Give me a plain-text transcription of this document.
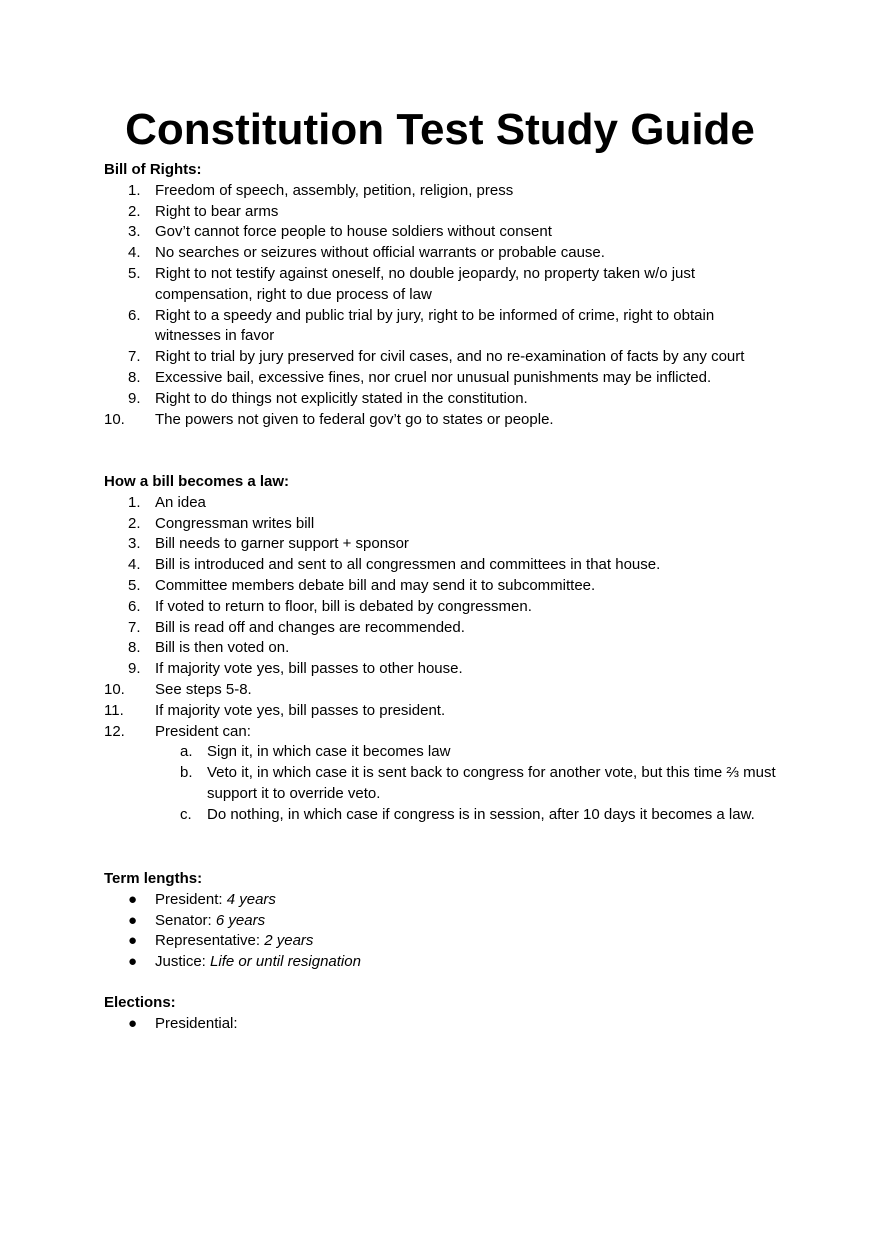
Constitution Test Study Guide
Bill of Rights:
1. Freedom of speech, assembly, petition, religion, press
2. Right to bear arms
3. Gov’t cannot force people to house soldiers without consent
4. No searches or seizures without official warrants or probable cause.
5. Right to not testify against oneself, no double jeopardy, no property taken w/o just compensation, right to due process of law
6. Right to a speedy and public trial by jury, right to be informed of crime, right to obtain witnesses in favor
7. Right to trial by jury preserved for civil cases, and no re-examination of facts by any court
8. Excessive bail, excessive fines, nor cruel nor unusual punishments may be inflicted.
9. Right to do things not explicitly stated in the constitution.
10.	The powers not given to federal gov’t go to states or people.
How a bill becomes a law:
1. An idea
2. Congressman writes bill
3. Bill needs to garner support + sponsor
4. Bill is introduced and sent to all congressmen and committees in that house.
5. Committee members debate bill and may send it to subcommittee.
6. If voted to return to floor, bill is debated by congressmen.
7. Bill is read off and changes are recommended.
8. Bill is then voted on.
9. If majority vote yes, bill passes to other house.
10.	See steps 5-8.
11.	If majority vote yes, bill passes to president.
12.	President can:
a. Sign it, in which case it becomes law
b. Veto it, in which case it is sent back to congress for another vote, but this time ⅔ must support it to override veto.
c.	Do nothing, in which case if congress is in session, after 10 days it becomes a law.
Term lengths:
●	President: 4 years
●	Senator: 6 years
●	Representative: 2 years
●	Justice: Life or until resignation
Elections:
●	Presidential:
